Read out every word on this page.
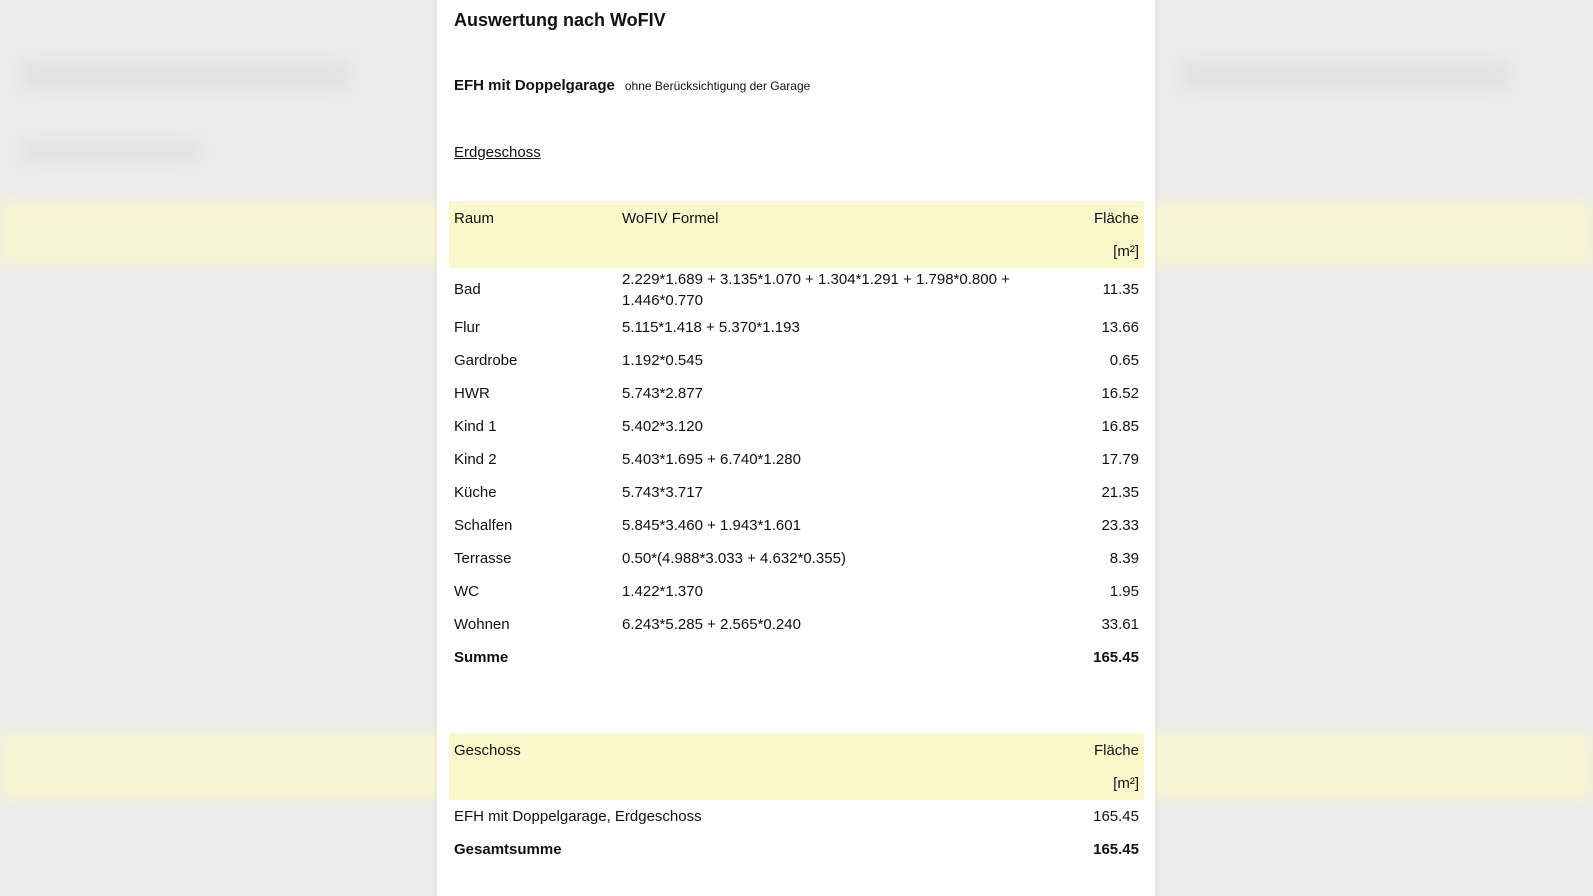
Auswertung nach WoFIV
EFH mit Doppelgarage ohne Berücksichtigung der Garage
Erdgeschoss
Raum	WoFIV Formel	Fläche
		[m²]
Bad	2.229*1.689 + 3.135*1.070 + 1.304*1.291 + 1.798*0.800 + 1.446*0.770	11.35
Flur	5.115*1.418 + 5.370*1.193	13.66
Gardrobe	1.192*0.545	0.65
HWR	5.743*2.877	16.52
Kind 1	5.402*3.120	16.85
Kind 2	5.403*1.695 + 6.740*1.280	17.79
Küche	5.743*3.717	21.35
Schalfen	5.845*3.460 + 1.943*1.601	23.33
Terrasse	0.50*(4.988*3.033 + 4.632*0.355)	8.39
WC	1.422*1.370	1.95
Wohnen	6.243*5.285 + 2.565*0.240	33.61
Summe		165.45
Geschoss	Fläche
	[m²]
EFH mit Doppelgarage, Erdgeschoss	165.45
Gesamtsumme	165.45
